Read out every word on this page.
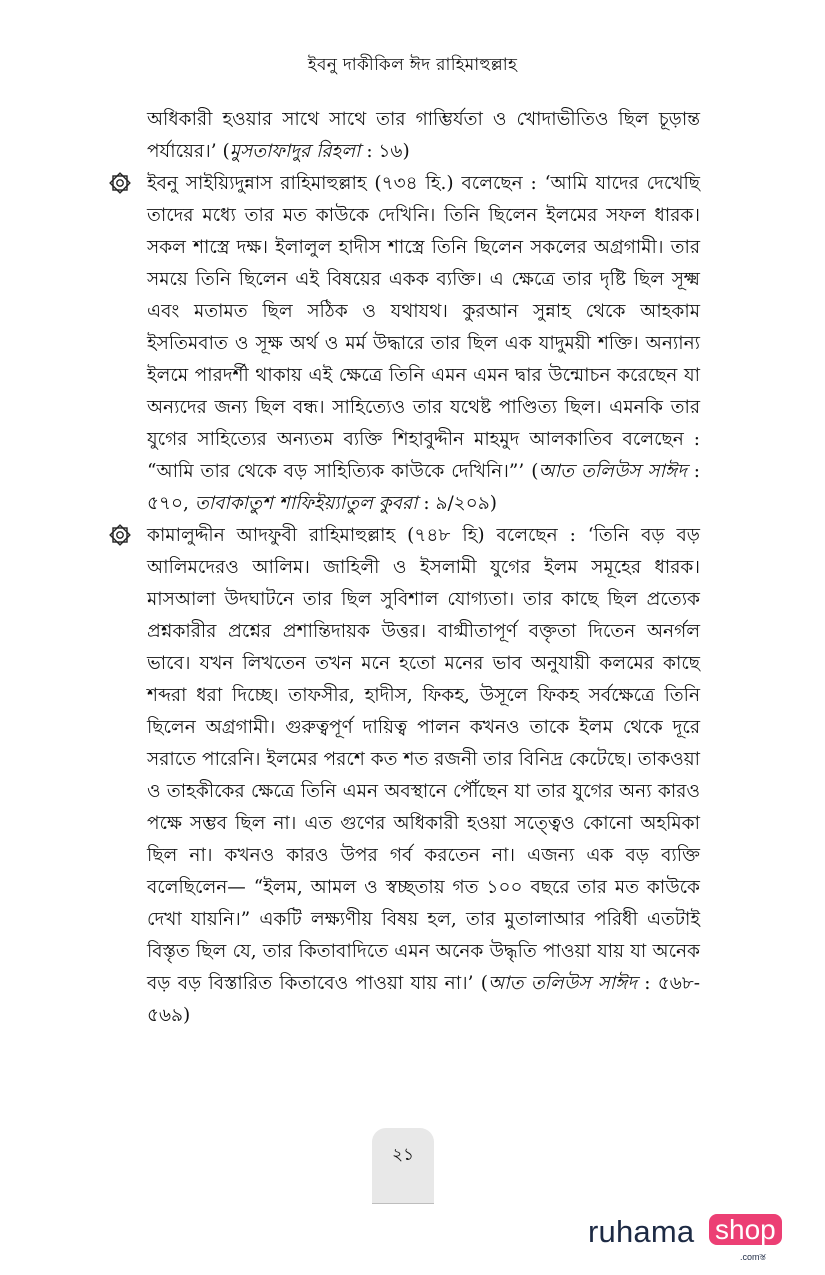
ইবনু দাকীকিল ঈদ রাহিমাহুল্লাহ

অধিকারী হওয়ার সাথে সাথে তার গাম্ভির্যতা ও খোদাভীতিও ছিল চূড়ান্ত পর্যায়ের।’ (মুসতাফাদুর রিহলা : ১৬)

ইবনু সাইয়্যিদুন্নাস রাহিমাহুল্লাহ (৭৩৪ হি.) বলেছেন : ‘আমি যাদের দেখেছি তাদের মধ্যে তার মত কাউকে দেখিনি। তিনি ছিলেন ইলমের সফল ধারক। সকল শাস্ত্রে দক্ষ। ইলালুল হাদীস শাস্ত্রে তিনি ছিলেন সকলের অগ্রগামী। তার সময়ে তিনি ছিলেন এই বিষয়ের একক ব্যক্তি। এ ক্ষেত্রে তার দৃষ্টি ছিল সূক্ষ্ম এবং মতামত ছিল সঠিক ও যথাযথ। কুরআন সুন্নাহ থেকে আহকাম ইসতিমবাত ও সূক্ষ অর্থ ও মর্ম উদ্ধারে তার ছিল এক যাদুময়ী শক্তি। অন্যান্য ইলমে পারদর্শী থাকায় এই ক্ষেত্রে তিনি এমন এমন দ্বার উন্মোচন করেছেন যা অন্যদের জন্য ছিল বন্ধ। সাহিত্যেও তার যথেষ্ট পাণ্ডিত্য ছিল। এমনকি তার যুগের সাহিত্যের অন্যতম ব্যক্তি শিহাবুদ্দীন মাহমুদ আলকাতিব বলেছেন : “আমি তার থেকে বড় সাহিত্যিক কাউকে দেখিনি।”’ (আত তলিউস সাঈদ : ৫৭০, তাবাকাতুশ শাফিইয়্যাতুল কুবরা : ৯/২০৯)

কামালুদ্দীন আদফুবী রাহিমাহুল্লাহ (৭৪৮ হি) বলেছেন : ‘তিনি বড় বড় আলিমদেরও আলিম। জাহিলী ও ইসলামী যুগের ইলম সমূহের ধারক। মাসআলা উদঘাটনে তার ছিল সুবিশাল যোগ্যতা। তার কাছে ছিল প্রত্যেক প্রশ্নকারীর প্রশ্নের প্রশান্তিদায়ক উত্তর। বাগ্মীতাপূর্ণ বক্তৃতা দিতেন অনর্গল ভাবে। যখন লিখতেন তখন মনে হতো মনের ভাব অনুযায়ী কলমের কাছে শব্দরা ধরা দিচ্ছে। তাফসীর, হাদীস, ফিকহ, উসূলে ফিকহ সর্বক্ষেত্রে তিনি ছিলেন অগ্রগামী। গুরুত্বপূর্ণ দায়িত্ব পালন কখনও তাকে ইলম থেকে দূরে সরাতে পারেনি। ইলমের পরশে কত শত রজনী তার বিনিদ্র কেটেছে। তাকওয়া ও তাহকীকের ক্ষেত্রে তিনি এমন অবস্থানে পৌঁছেন যা তার যুগের অন্য কারও পক্ষে সম্ভব ছিল না। এত গুণের অধিকারী হওয়া সত্ত্বেও কোনো অহমিকা ছিল না। কখনও কারও উপর গর্ব করতেন না। এজন্য এক বড় ব্যক্তি বলেছিলেন— “ইলম, আমল ও স্বচ্ছতায় গত ১০০ বছরে তার মত কাউকে দেখা যায়নি।” একটি লক্ষ্যণীয় বিষয় হল, তার মুতালাআর পরিধী এতটাই বিস্তৃত ছিল যে, তার কিতাবাদিতে এমন অনেক উদ্ধৃতি পাওয়া যায় যা অনেক বড় বড় বিস্তারিত কিতাবেও পাওয়া যায় না।’ (আত তলিউস সাঈদ : ৫৬৮- ৫৬৯)

২১
ruhama shop
.comস্ত
